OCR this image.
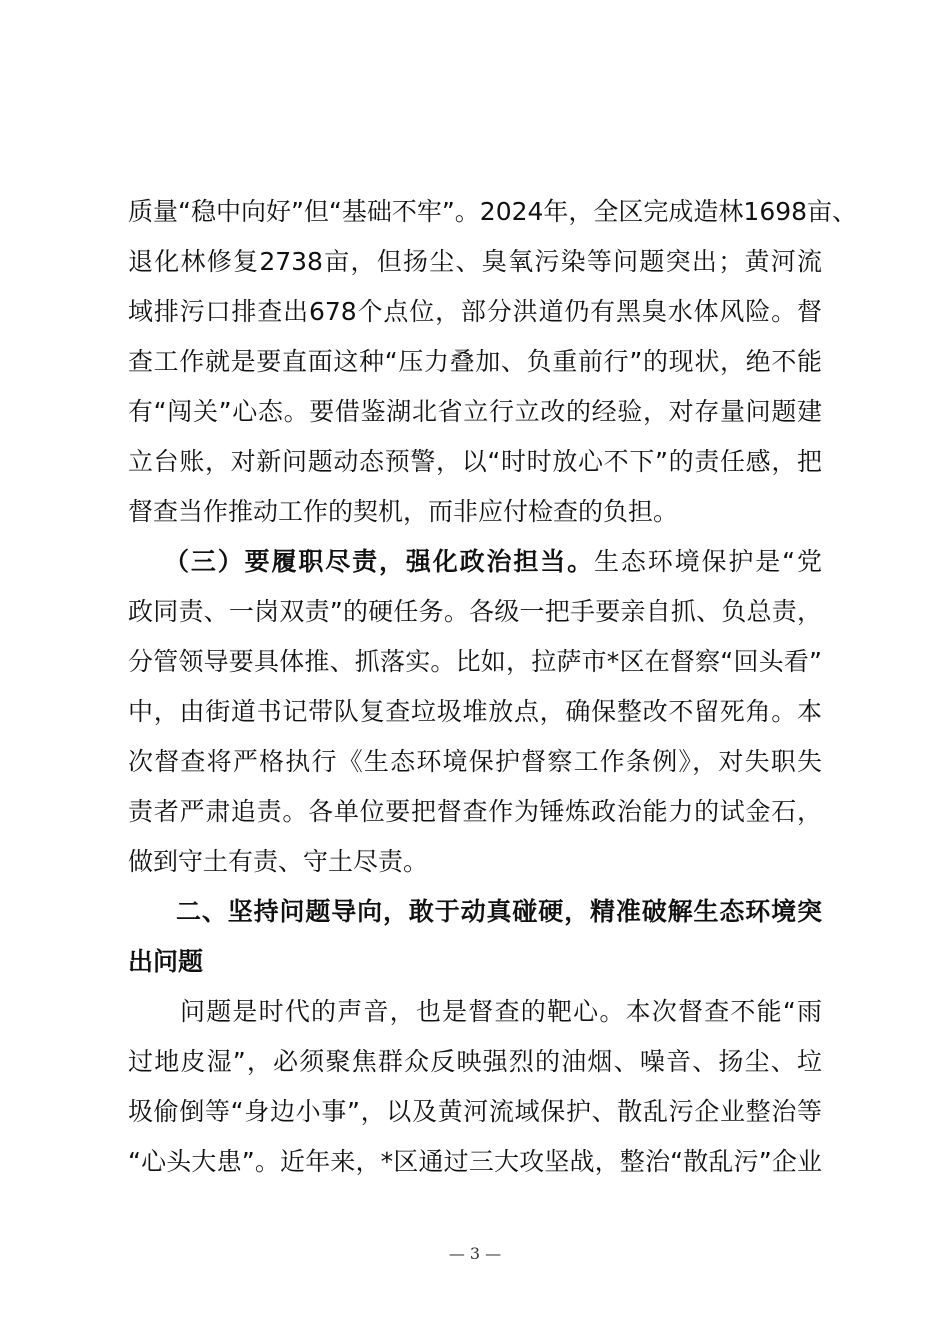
质量“稳中向好”但“基础不牢”。2024年，全区完成造林1698亩、
退化林修复2738亩，但扬尘、臭氧污染等问题突出；黄河流
域排污口排查出678个点位，部分洪道仍有黑臭水体风险。督
查工作就是要直面这种“压力叠加、负重前行”的现状，绝不能
有“闯关”心态。要借鉴湖北省立行立改的经验，对存量问题建
立台账，对新问题动态预警，以“时时放心不下”的责任感，把
督查当作推动工作的契机，而非应付检查的负担。
（三）要履职尽责，强化政治担当。生态环境保护是“党
政同责、一岗双责”的硬任务。各级一把手要亲自抓、负总责，
分管领导要具体推、抓落实。比如，拉萨市*区在督察“回头看”
中，由街道书记带队复查垃圾堆放点，确保整改不留死角。本
次督查将严格执行《生态环境保护督察工作条例》，对失职失
责者严肃追责。各单位要把督查作为锤炼政治能力的试金石，
做到守土有责、守土尽责。
二、坚持问题导向，敢于动真碰硬，精准破解生态环境突
出问题
问题是时代的声音，也是督查的靶心。本次督查不能“雨
过地皮湿”，必须聚焦群众反映强烈的油烟、噪音、扬尘、垃
圾偷倒等“身边小事”，以及黄河流域保护、散乱污企业整治等
“心头大患”。近年来，*区通过三大攻坚战，整治“散乱污”企业
— 3 —
